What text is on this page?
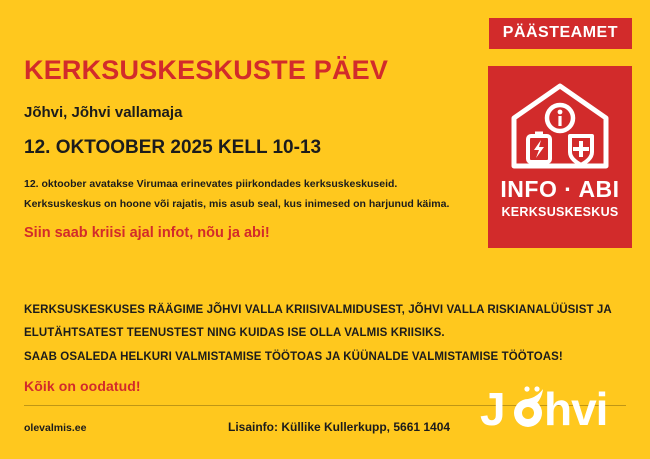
PÄÄSTEAMET
INFO · ABI
KERKSUSKESKUS
KERKSUSKESKUSTE PÄEV
Jõhvi, Jõhvi vallamaja
12. OKTOOBER 2025 KELL 10-13

12. oktoober avatakse Virumaa erinevates piirkondades kerksuskeskuseid.

Kerksuskeskus on hoone või rajatis, mis asub seal, kus inimesed on harjunud käima.

Siin saab kriisi ajal infot, nõu ja abi!

KERKSUSKESKUSES RÄÄGIME JÕHVI VALLA KRIISIVALMIDUSEST, JÕHVI VALLA RISKIANALÜÜSIST JA

ELUTÄHTSATEST TEENUSTEST NING KUIDAS ISE OLLA VALMIS KRIISIKS.

SAAB OSALEDA HELKURI VALMISTAMISE TÖÖTOAS JA KÜÜNALDE VALMISTAMISE TÖÖTOAS!

Kõik on oodatud!

olevalmis.ee	Lisainfo: Küllike Kullerkupp, 5661 1404 J hvi
